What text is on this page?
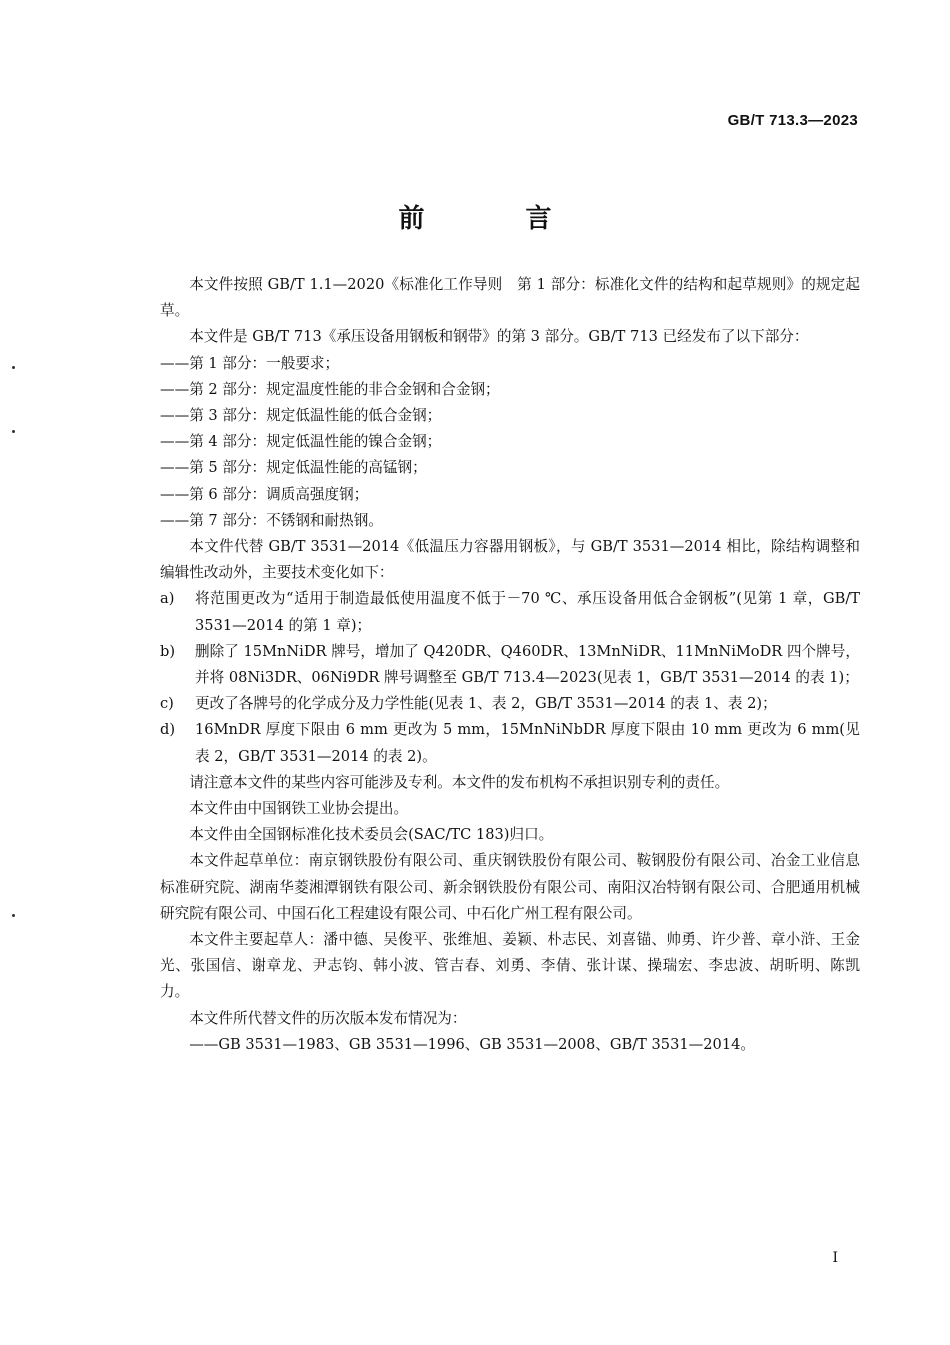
GB/T 713.3—2023
前 言

本文件按照 GB/T 1.1—2020《标准化工作导则　第 1 部分：标准化文件的结构和起草规则》的规定起草。

本文件是 GB/T 713《承压设备用钢板和钢带》的第 3 部分。GB/T 713 已经发布了以下部分：

——第 1 部分：一般要求；

——第 2 部分：规定温度性能的非合金钢和合金钢；

——第 3 部分：规定低温性能的低合金钢；

——第 4 部分：规定低温性能的镍合金钢；

——第 5 部分：规定低温性能的高锰钢；

——第 6 部分：调质高强度钢；

——第 7 部分：不锈钢和耐热钢。

本文件代替 GB/T 3531—2014《低温压力容器用钢板》，与 GB/T 3531—2014 相比，除结构调整和编辑性改动外，主要技术变化如下：

a)	将范围更改为“适用于制造最低使用温度不低于－70 ℃、承压设备用低合金钢板”(见第 1 章，GB/T 3531—2014 的第 1 章)；
b)	删除了 15MnNiDR 牌号，增加了 Q420DR、Q460DR、13MnNiDR、11MnNiMoDR 四个牌号，并将 08Ni3DR、06Ni9DR 牌号调整至 GB/T 713.4—2023(见表 1，GB/T 3531—2014 的表 1)；
c)	更改了各牌号的化学成分及力学性能(见表 1、表 2，GB/T 3531—2014 的表 1、表 2)；
d)	16MnDR 厚度下限由 6 mm 更改为 5 mm，15MnNiNbDR 厚度下限由 10 mm 更改为 6 mm(见表 2，GB/T 3531—2014 的表 2)。

请注意本文件的某些内容可能涉及专利。本文件的发布机构不承担识别专利的责任。

本文件由中国钢铁工业协会提出。

本文件由全国钢标准化技术委员会(SAC/TC 183)归口。

本文件起草单位：南京钢铁股份有限公司、重庆钢铁股份有限公司、鞍钢股份有限公司、冶金工业信息标准研究院、湖南华菱湘潭钢铁有限公司、新余钢铁股份有限公司、南阳汉冶特钢有限公司、合肥通用机械研究院有限公司、中国石化工程建设有限公司、中石化广州工程有限公司。

本文件主要起草人：潘中德、吴俊平、张维旭、姜颖、朴志民、刘喜锚、帅勇、许少普、章小浒、王金光、张国信、谢章龙、尹志钧、韩小波、管吉春、刘勇、李倩、张计谋、操瑞宏、李忠波、胡昕明、陈凯力。

本文件所代替文件的历次版本发布情况为：

——GB 3531—1983、GB 3531—1996、GB 3531—2008、GB/T 3531—2014。

I
